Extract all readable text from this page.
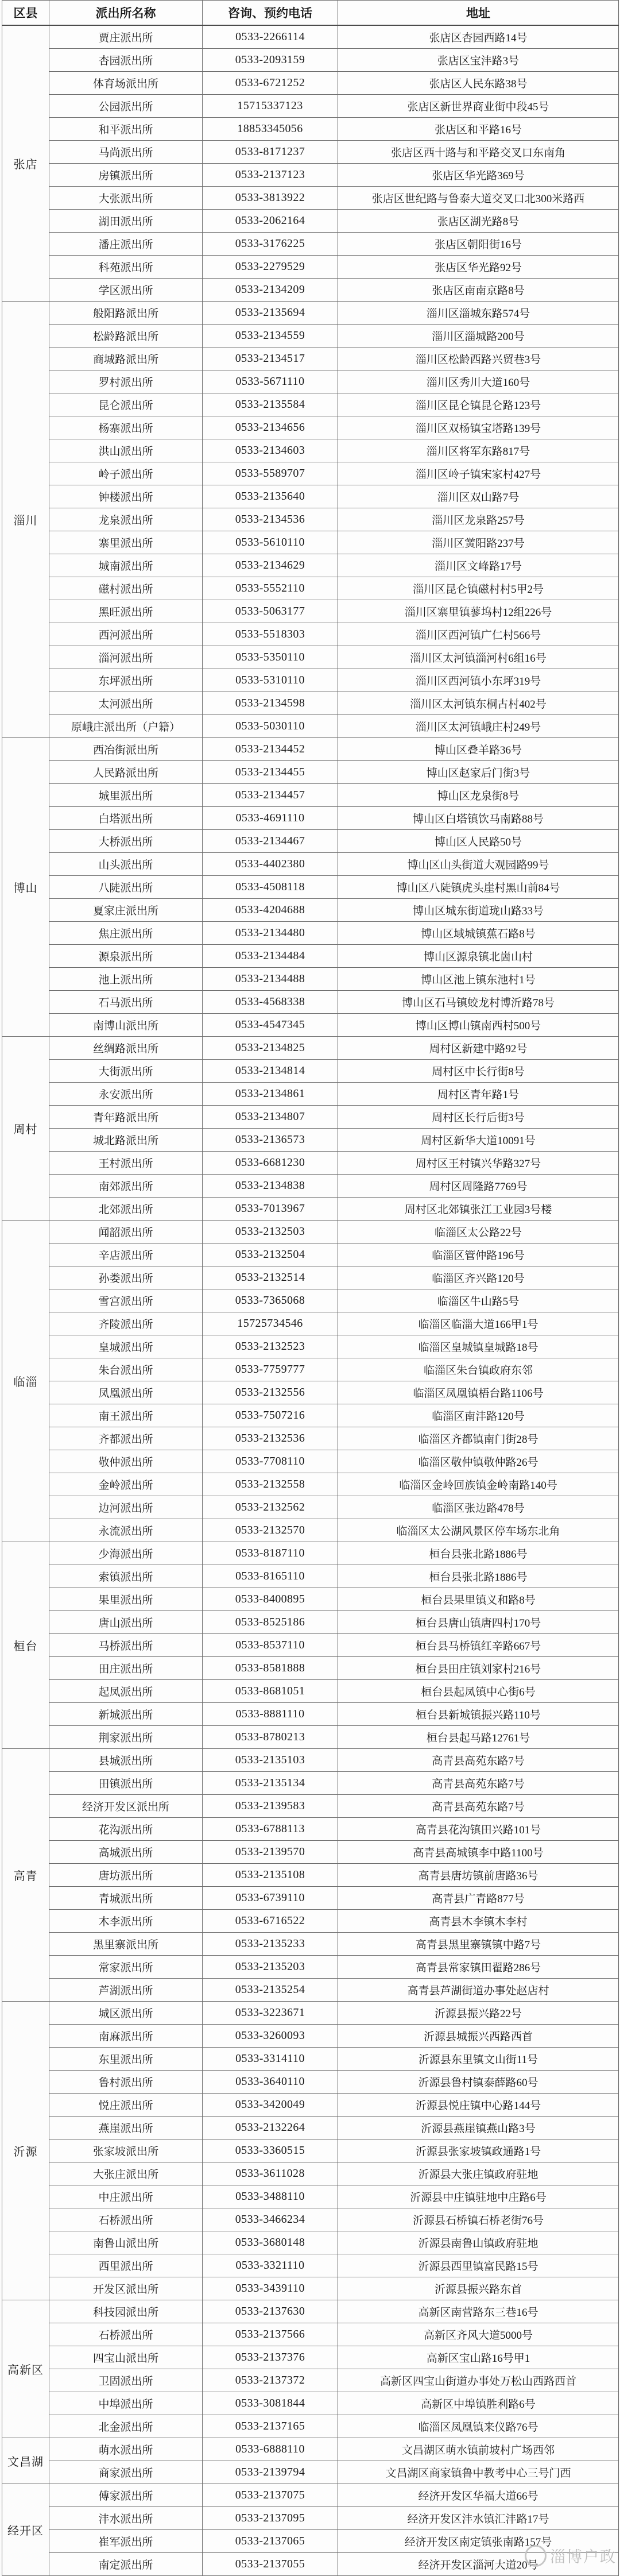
区县	派出所名称	咨询、预约电话	地址
张店	贾庄派出所	0533-2266114	张店区杏园西路14号
	杏园派出所	0533-2093159	张店区宝沣路3号
	体育场派出所	0533-6721252	张店区人民东路38号
	公园派出所	15715337123	张店区新世界商业街中段45号
	和平派出所	18853345056	张店区和平路16号
	马尚派出所	0533-8171237	张店区西十路与和平路交叉口东南角
	房镇派出所	0533-2137123	张店区华光路369号
	大张派出所	0533-3813922	张店区世纪路与鲁泰大道交叉口北300米路西
	湖田派出所	0533-2062164	张店区湖光路8号
	潘庄派出所	0533-3176225	张店区朝阳街16号
	科苑派出所	0533-2279529	张店区华光路92号
	学区派出所	0533-2134209	张店区南南京路8号
淄川	般阳路派出所	0533-2135694	淄川区淄城东路574号
	松龄路派出所	0533-2134559	淄川区淄城路200号
	商城路派出所	0533-2134517	淄川区松龄西路兴贸巷3号
	罗村派出所	0533-5671110	淄川区秀川大道160号
	昆仑派出所	0533-2135584	淄川区昆仑镇昆仑路123号
	杨寨派出所	0533-2134656	淄川区双杨镇宝塔路139号
	洪山派出所	0533-2134603	淄川区将军东路817号
	岭子派出所	0533-5589707	淄川区岭子镇宋家村427号
	钟楼派出所	0533-2135640	淄川区双山路7号
	龙泉派出所	0533-2134536	淄川区龙泉路257号
	寨里派出所	0533-5610110	淄川区黉阳路237号
	城南派出所	0533-2134629	淄川区文峰路17号
	磁村派出所	0533-5552110	淄川区昆仑镇磁村村5甲2号
	黑旺派出所	0533-5063177	淄川区寨里镇蓼坞村12组226号
	西河派出所	0533-5518303	淄川区西河镇广仁村566号
	淄河派出所	0533-5350110	淄川区太河镇淄河村6组16号
	东坪派出所	0533-5310110	淄川区西河镇小东坪319号
	太河派出所	0533-2134598	淄川区太河镇东桐古村402号
	原峨庄派出所（户籍）	0533-5030110	淄川区太河镇峨庄村249号
博山	西冶街派出所	0533-2134452	博山区叠羊路36号
	人民路派出所	0533-2134455	博山区赵家后门街3号
	城里派出所	0533-2134457	博山区龙泉街8号
	白塔派出所	0533-4691110	博山区白塔镇饮马南路88号
	大桥派出所	0533-2134467	博山区人民路50号
	山头派出所	0533-4402380	博山区山头街道大观园路99号
	八陡派出所	0533-4508118	博山区八陡镇虎头崖村黑山前84号
	夏家庄派出所	0533-4204688	博山区城东街道珑山路33号
	焦庄派出所	0533-2134480	博山区域城镇蕉石路8号
	源泉派出所	0533-2134484	博山区源泉镇北崮山村
	池上派出所	0533-2134488	博山区池上镇东池村1号
	石马派出所	0533-4568338	博山区石马镇蛟龙村博沂路78号
	南博山派出所	0533-4547345	博山区博山镇南西村500号
周村	丝绸路派出所	0533-2134825	周村区新建中路92号
	大街派出所	0533-2134814	周村区中长行街8号
	永安派出所	0533-2134861	周村区青年路1号
	青年路派出所	0533-2134807	周村区长行后街3号
	城北路派出所	0533-2136573	周村区新华大道10091号
	王村派出所	0533-6681230	周村区王村镇兴华路327号
	南郊派出所	0533-2134838	周村区周隆路7769号
	北郊派出所	0533-7013967	周村区北郊镇张江工业园3号楼
临淄	闻韶派出所	0533-2132503	临淄区太公路22号
	辛店派出所	0533-2132504	临淄区管仲路196号
	孙娄派出所	0533-2132514	临淄区齐兴路120号
	雪宫派出所	0533-7365068	临淄区牛山路5号
	齐陵派出所	15725734546	临淄区临淄大道166甲1号
	皇城派出所	0533-2132523	临淄区皇城镇皇城路18号
	朱台派出所	0533-7759777	临淄区朱台镇政府东邻
	凤凰派出所	0533-2132556	临淄区凤凰镇梧台路1106号
	南王派出所	0533-7507216	临淄区南沣路120号
	齐都派出所	0533-2132536	临淄区齐都镇南门街28号
	敬仲派出所	0533-7708110	临淄区敬仲镇敬仲路26号
	金岭派出所	0533-2132558	临淄区金岭回族镇金岭南路140号
	边河派出所	0533-2132562	临淄区张边路478号
	永流派出所	0533-2132570	临淄区太公湖风景区停车场东北角
桓台	少海派出所	0533-8187110	桓台县张北路1886号
	索镇派出所	0533-8165110	桓台县张北路1886号
	果里派出所	0533-8400895	桓台县果里镇义和路8号
	唐山派出所	0533-8525186	桓台县唐山镇唐四村170号
	马桥派出所	0533-8537110	桓台县马桥镇红辛路667号
	田庄派出所	0533-8581888	桓台县田庄镇刘家村216号
	起凤派出所	0533-8681051	桓台县起凤镇中心街6号
	新城派出所	0533-8881110	桓台县新城镇振兴路110号
	荆家派出所	0533-8780213	桓台县起马路12761号
高青	县城派出所	0533-2135103	高青县高苑东路7号
	田镇派出所	0533-2135134	高青县高苑东路7号
	经济开发区派出所	0533-2139583	高青县高苑东路7号
	花沟派出所	0533-6788113	高青县花沟镇田兴路101号
	高城派出所	0533-2139570	高青县高城镇李中路1100号
	唐坊派出所	0533-2135108	高青县唐坊镇前唐路36号
	青城派出所	0533-6739110	高青县广青路877号
	木李派出所	0533-6716522	高青县木李镇木李村
	黑里寨派出所	0533-2135233	高青县黑里寨镇镇中路7号
	常家派出所	0533-2135203	高青县常家镇田翟路286号
	芦湖派出所	0533-2135254	高青县芦湖街道办事处赵店村
沂源	城区派出所	0533-3223671	沂源县振兴路22号
	南麻派出所	0533-3260093	沂源县城振兴西路西首
	东里派出所	0533-3314110	沂源县东里镇文山街11号
	鲁村派出所	0533-3640110	沂源县鲁村镇泰薛路60号
	悦庄派出所	0533-3420049	沂源县悦庄镇中心路144号
	燕崖派出所	0533-2132264	沂源县燕崖镇燕山路3号
	张家坡派出所	0533-3360515	沂源县张家坡镇政通路1号
	大张庄派出所	0533-3611028	沂源县大张庄镇政府驻地
	中庄派出所	0533-3488110	沂源县中庄镇驻地中庄路6号
	石桥派出所	0533-3466234	沂源县石桥镇石桥老街76号
	南鲁山派出所	0533-3680148	沂源县南鲁山镇政府驻地
	西里派出所	0533-3321110	沂源县西里镇富民路15号
	开发区派出所	0533-3439110	沂源县振兴路东首
高新区	科技园派出所	0533-2137630	高新区南营路东三巷16号
	石桥派出所	0533-2137566	高新区齐风大道5000号
	四宝山派出所	0533-2137376	高新区宝山路16号甲1
	卫固派出所	0533-2137372	高新区四宝山街道办事处万松山西路西首
	中埠派出所	0533-3081844	高新区中埠镇胜利路6号
	北金派出所	0533-2137165	临淄区凤凰镇来仪路76号
文昌湖	萌水派出所	0533-6888110	文昌湖区萌水镇前坡村广场西邻
	商家派出所	0533-2139794	文昌湖区商家镇鲁中教考中心三号门西
经开区	傅家派出所	0533-2137075	经济开发区华福大道66号
	沣水派出所	0533-2137095	经济开发区沣水镇汇沣路17号
	崔军派出所	0533-2137065	经济开发区南定镇张南路157号
	南定派出所	0533-2137055	经济开发区淄河大道20号 淄博户政
